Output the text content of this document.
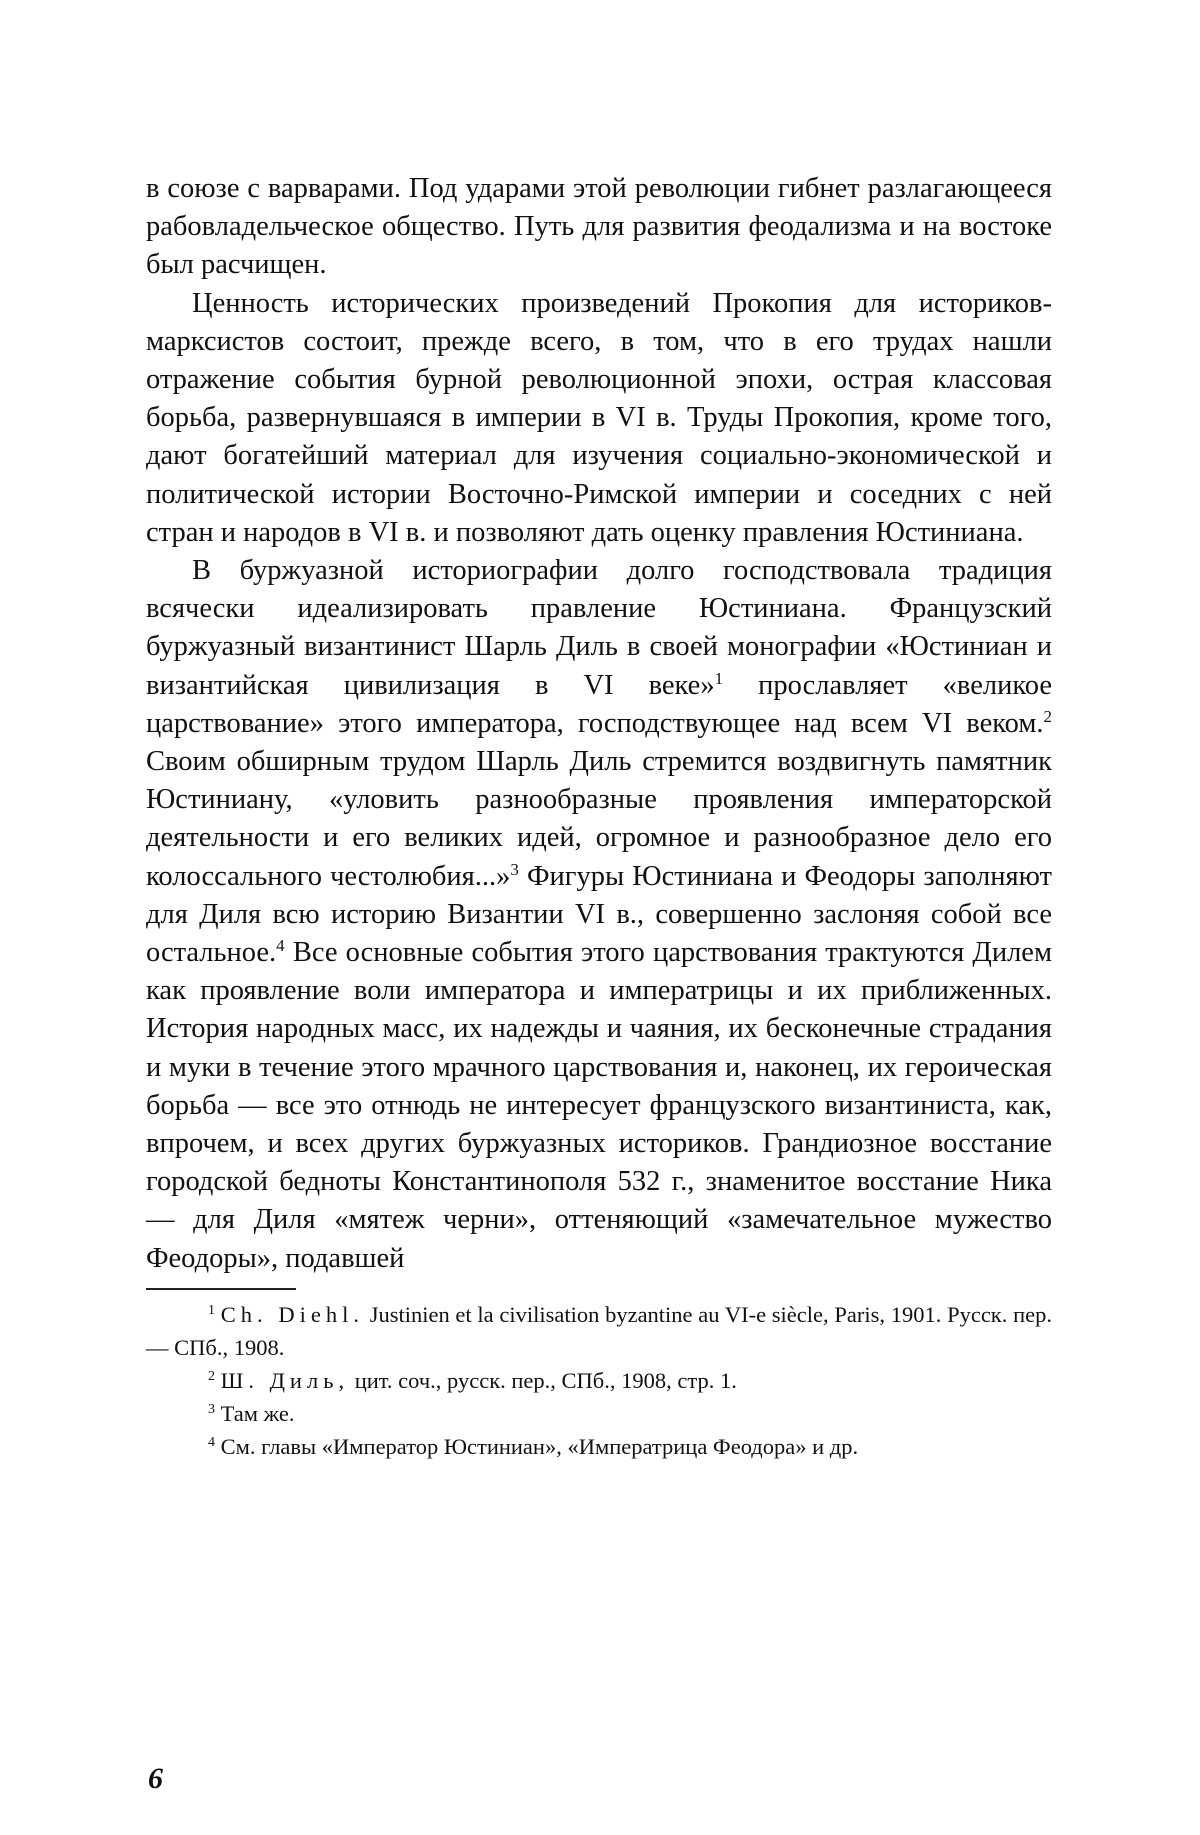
в союзе с варварами. Под ударами этой революции гибнет разлагающееся рабовладельческое общество. Путь для развития феодализма и на востоке был расчищен.

Ценность исторических произведений Прокопия для историков-марксистов состоит, прежде всего, в том, что в его трудах нашли отражение события бурной революционной эпохи, острая классовая борьба, развернувшаяся в империи в VI в. Труды Прокопия, кроме того, дают богатейший материал для изучения социально-экономической и политической истории Восточно-Римской империи и соседних с ней стран и народов в VI в. и позволяют дать оценку правления Юстиниана.

В буржуазной историографии долго господствовала традиция всячески идеализировать правление Юстиниана. Французский буржуазный византинист Шарль Диль в своей монографии «Юстиниан и византийская цивилизация в VI веке»$^1$ прославляет «великое царствование» этого императора, господствующее над всем VI веком.$^2$ Своим обширным трудом Шарль Диль стремится воздвигнуть памятник Юстиниану, «уловить разнообразные проявления императорской деятельности и его великих идей, огромное и разнообразное дело его колоссального честолюбия...»$^3$ Фигуры Юстиниана и Феодоры заполняют для Диля всю историю Византии VI в., совершенно заслоняя собой все остальное.$^4$ Все основные события этого царствования трактуются Дилем как проявление воли императора и императрицы и их приближенных. История народных масс, их надежды и чаяния, их бесконечные страдания и муки в течение этого мрачного царствования и, наконец, их героическая борьба — все это отнюдь не интересует французского византиниста, как, впрочем, и всех других буржуазных историков. Грандиозное восстание городской бедноты Константинополя 532 г., знаменитое восстание Ника — для Диля «мятеж черни», оттеняющий «замечательное мужество Феодоры», подавшей

$^1$ Ch. Diehl. Justinien et la civilisation byzantine au VI-e siècle, Paris, 1901. Русск. пер.— СПб., 1908.

$^2$ Ш. Диль, цит. соч., русск. пер., СПб., 1908, стр. 1.

$^3$ Там же.

$^4$ См. главы «Император Юстиниан», «Императрица Феодора» и др.

6
